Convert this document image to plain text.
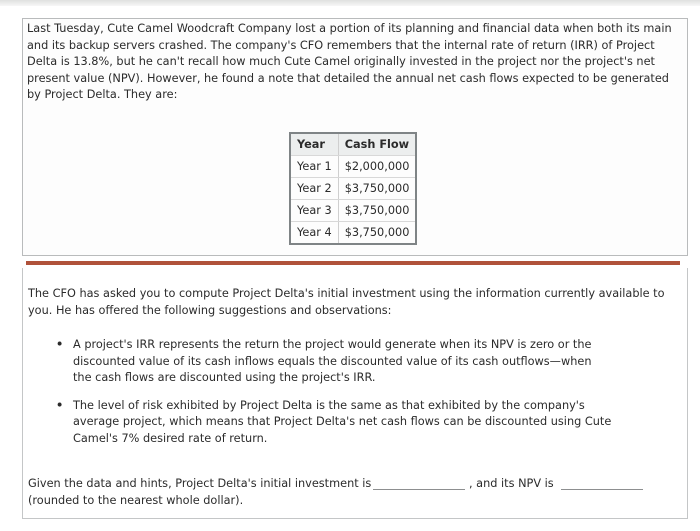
Last Tuesday, Cute Camel Woodcraft Company lost a portion of its planning and financial data when both its main and its backup servers crashed. The company's CFO remembers that the internal rate of return (IRR) of Project Delta is 13.8%, but he can't recall how much Cute Camel originally invested in the project nor the project's net present value (NPV). However, he found a note that detailed the annual net cash flows expected to be generated by Project Delta. They are:

Year	Cash Flow
Year 1	$2,000,000
Year 2	$3,750,000
Year 3	$3,750,000
Year 4	$3,750,000

The CFO has asked you to compute Project Delta's initial investment using the information currently available to you. He has offered the following suggestions and observations:

• A project's IRR represents the return the project would generate when its NPV is zero or the discounted value of its cash inflows equals the discounted value of its cash outflows—when the cash flows are discounted using the project's IRR.
• The level of risk exhibited by Project Delta is the same as that exhibited by the company's average project, which means that Project Delta's net cash flows can be discounted using Cute Camel's 7% desired rate of return.
Given the data and hints, Project Delta's initial investment is	, and its NPV is
(rounded to the nearest whole dollar).
